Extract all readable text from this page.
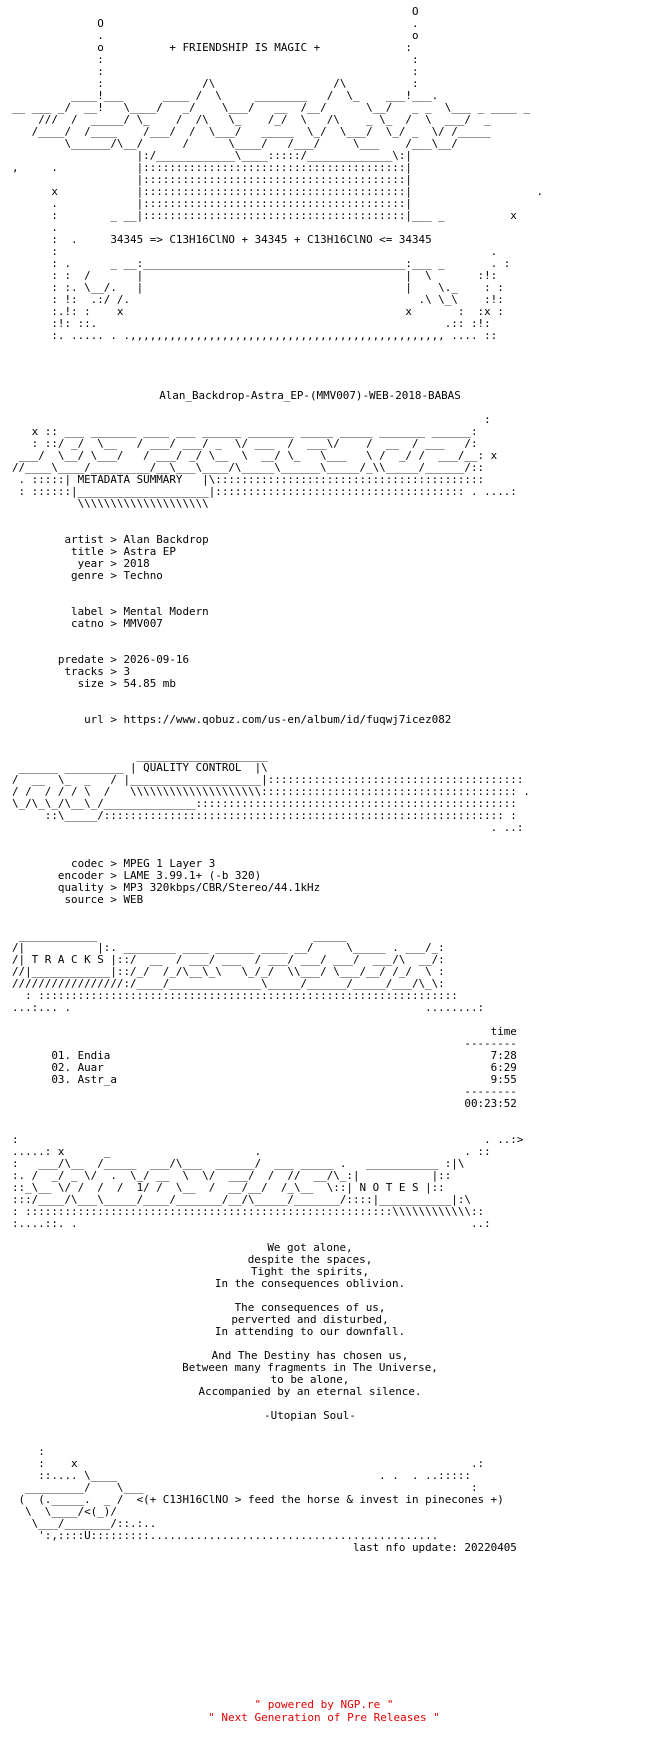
O
O                                               .
.                                               o
o          + FRIENDSHIP IS MAGIC +             :
:                                               :
:                                               :
:               /\                  /\          :
____!___      ____ /  \     ________   /  \_    ___!___.
__ ___ _/  __!   \____/   _/    \___/   __  /__/      \__/   _ _  \___ _ ____ _
///  /  _____/ \_    /  /\   \_    /_/  \   /\    _ \_  /  \  ___/  _
/____/  /____    /___/  /  \___/   _____  \_/  \___/  \_/ _  \/ /_____
\______/\__/      /      \____/   /___/     \___    /___\__/
|:/____________\____:::::/_____________\:|
,     .            |::::::::::::::::::::::::::::::::::::::::|
|::::::::::::::::::::::::::::::::::::::::|
x            |::::::::::::::::::::::::::::::::::::::::|                   .
.            |::::::::::::::::::::::::::::::::::::::::|
:        _ __|::::::::::::::::::::::::::::::::::::::::|___ _          x
.
:  .     34345 => C13H16ClNO + 34345 + C13H16ClNO <= 34345
:                                                                  .
: .      _ __:________________________________________:___ _       . :
: :  /       |                                        |  \       :!:
: :. \__/.   |                                        |    \._    : :
: !:  .:/ /.                                            .\ \_\    :!:
:.!: :    x                                           x       :  :x :
:!: ::.                                                     .:: :!:
:. ..... . .,,,,,,,,,,,,,,,,,,,,,,,,,,,,,,,,,,,,,,,,,,,,,,,, .... ::
Alan_Backdrop-Astra_EP-(MMV007)-WEB-2018-BABAS
:
x :: ___ _______ ____ ___ ______ _______ _____ _____ _______ ______:
: ::/ _/  \__   / ___/ ___/ _  \/ ___  /  ___\/    /  __  / ___   /:
___/  \__/ \___/   / ___/ _/ \__  \  __/ \_   \___   \ /  _/ /  ___/__: x
//____\____/_________/__\___\____/\_____\______\_____/_\\_____/______/::
. :::::| METADATA SUMMARY   |\:::::::::::::::::::::::::::::::::::::::::
: ::::::|____________________|:::::::::::::::::::::::::::::::::::::: . ....:
\\\\\\\\\\\\\\\\\\\\
artist > Alan Backdrop
title > Astra EP
year > 2018
genre > Techno
label > Mental Modern
catno > MMV007
predate > 2026-09-16
tracks > 3
size > 54.85 mb
url > https://www.qobuz.com/us-en/album/id/fuqwj7icez082
____________________
______ _________ | QUALITY CONTROL  |\
/  __  \_  _   / |____________________|:::::::::::::::::::::::::::::::::::::::
/ /  / / / \  /   \\\\\\\\\\\\\\\\\\\\::::::::::::::::::::::::::::::::::::::: .
\_/\_\_/\__\_/______________:::::::::::::::::::::::::::::::::::::::::::::::::
::\_____/::::::::::::::::::::::::::::::::::::::::::::::::::::::::::::: :
. ..:
codec > MPEG 1 Layer 3
encoder > LAME 3.99.1+ (-b 320)
quality > MP3 320kbps/CBR/Stereo/44.1kHz
source > WEB
____________                                 _____
/|           |:. ________ ____ ______ ____ __/     \_____ . ___/_:
/| T R A C K S |::/  __  / ___/ ___  / ___/ ___/ ___/  ___/\  __/:
//|____________|::/_/  /_/\__\_\   \_/_/  \\___/ \___/__/ /_/  \ :
/////////////////:/____/______________\_____/______/_____/___/\_\:
: ::::::::::::::::::::::::::::::::::::::::::::::::::::::::::::::::
...:... .                                                      ........:
time
--------
01. Endia                                                          7:28
02. Auar                                                           6:29
03. Astr_a                                                         9:55
--------
00:23:52
:                                                                       . ..:>
.....: x      _                      .                               . ::
:   ___/\__  /_____  ___/\___  ______/  ___ _____ .   ___________ :|\
:. /  _/ _ \/  .  \_/ __  \  \/  ___/  /  //  __/\_:|           |::
::_\__ \/ /  /  /  1/ /  \__  /  __/__/  /_\__  \::| N O T E S |::
:::/____/\___\_____/____/_______/__/\_____/_______/::::|___________|:\
: ::::::::::::::::::::::::::::::::::::::::::::::::::::::::\\\\\\\\\\\\::
:....::. .                                                            ..:
We got alone,
despite the spaces,
Tight the spirits,
In the consequences oblivion.
The consequences of us,
perverted and disturbed,
In attending to our downfall.
And The Destiny has chosen us,
Between many fragments in The Universe,
to be alone,
Accompanied by an eternal silence.
-Utopian Soul-
:
:    x                                                            .:
::.... \____                                        . .  . ..:::::
_________/    \___                                                  :
(  (._____.  _ /  <(+ C13H16ClNO > feed the horse & invest in pinecones +)
\  \____/<(_)/
\___/_______/::.:..
':,::::U:::::::::............................................
last nfo update: 20220405
" powered by NGP.re "
" Next Generation of Pre Releases "
